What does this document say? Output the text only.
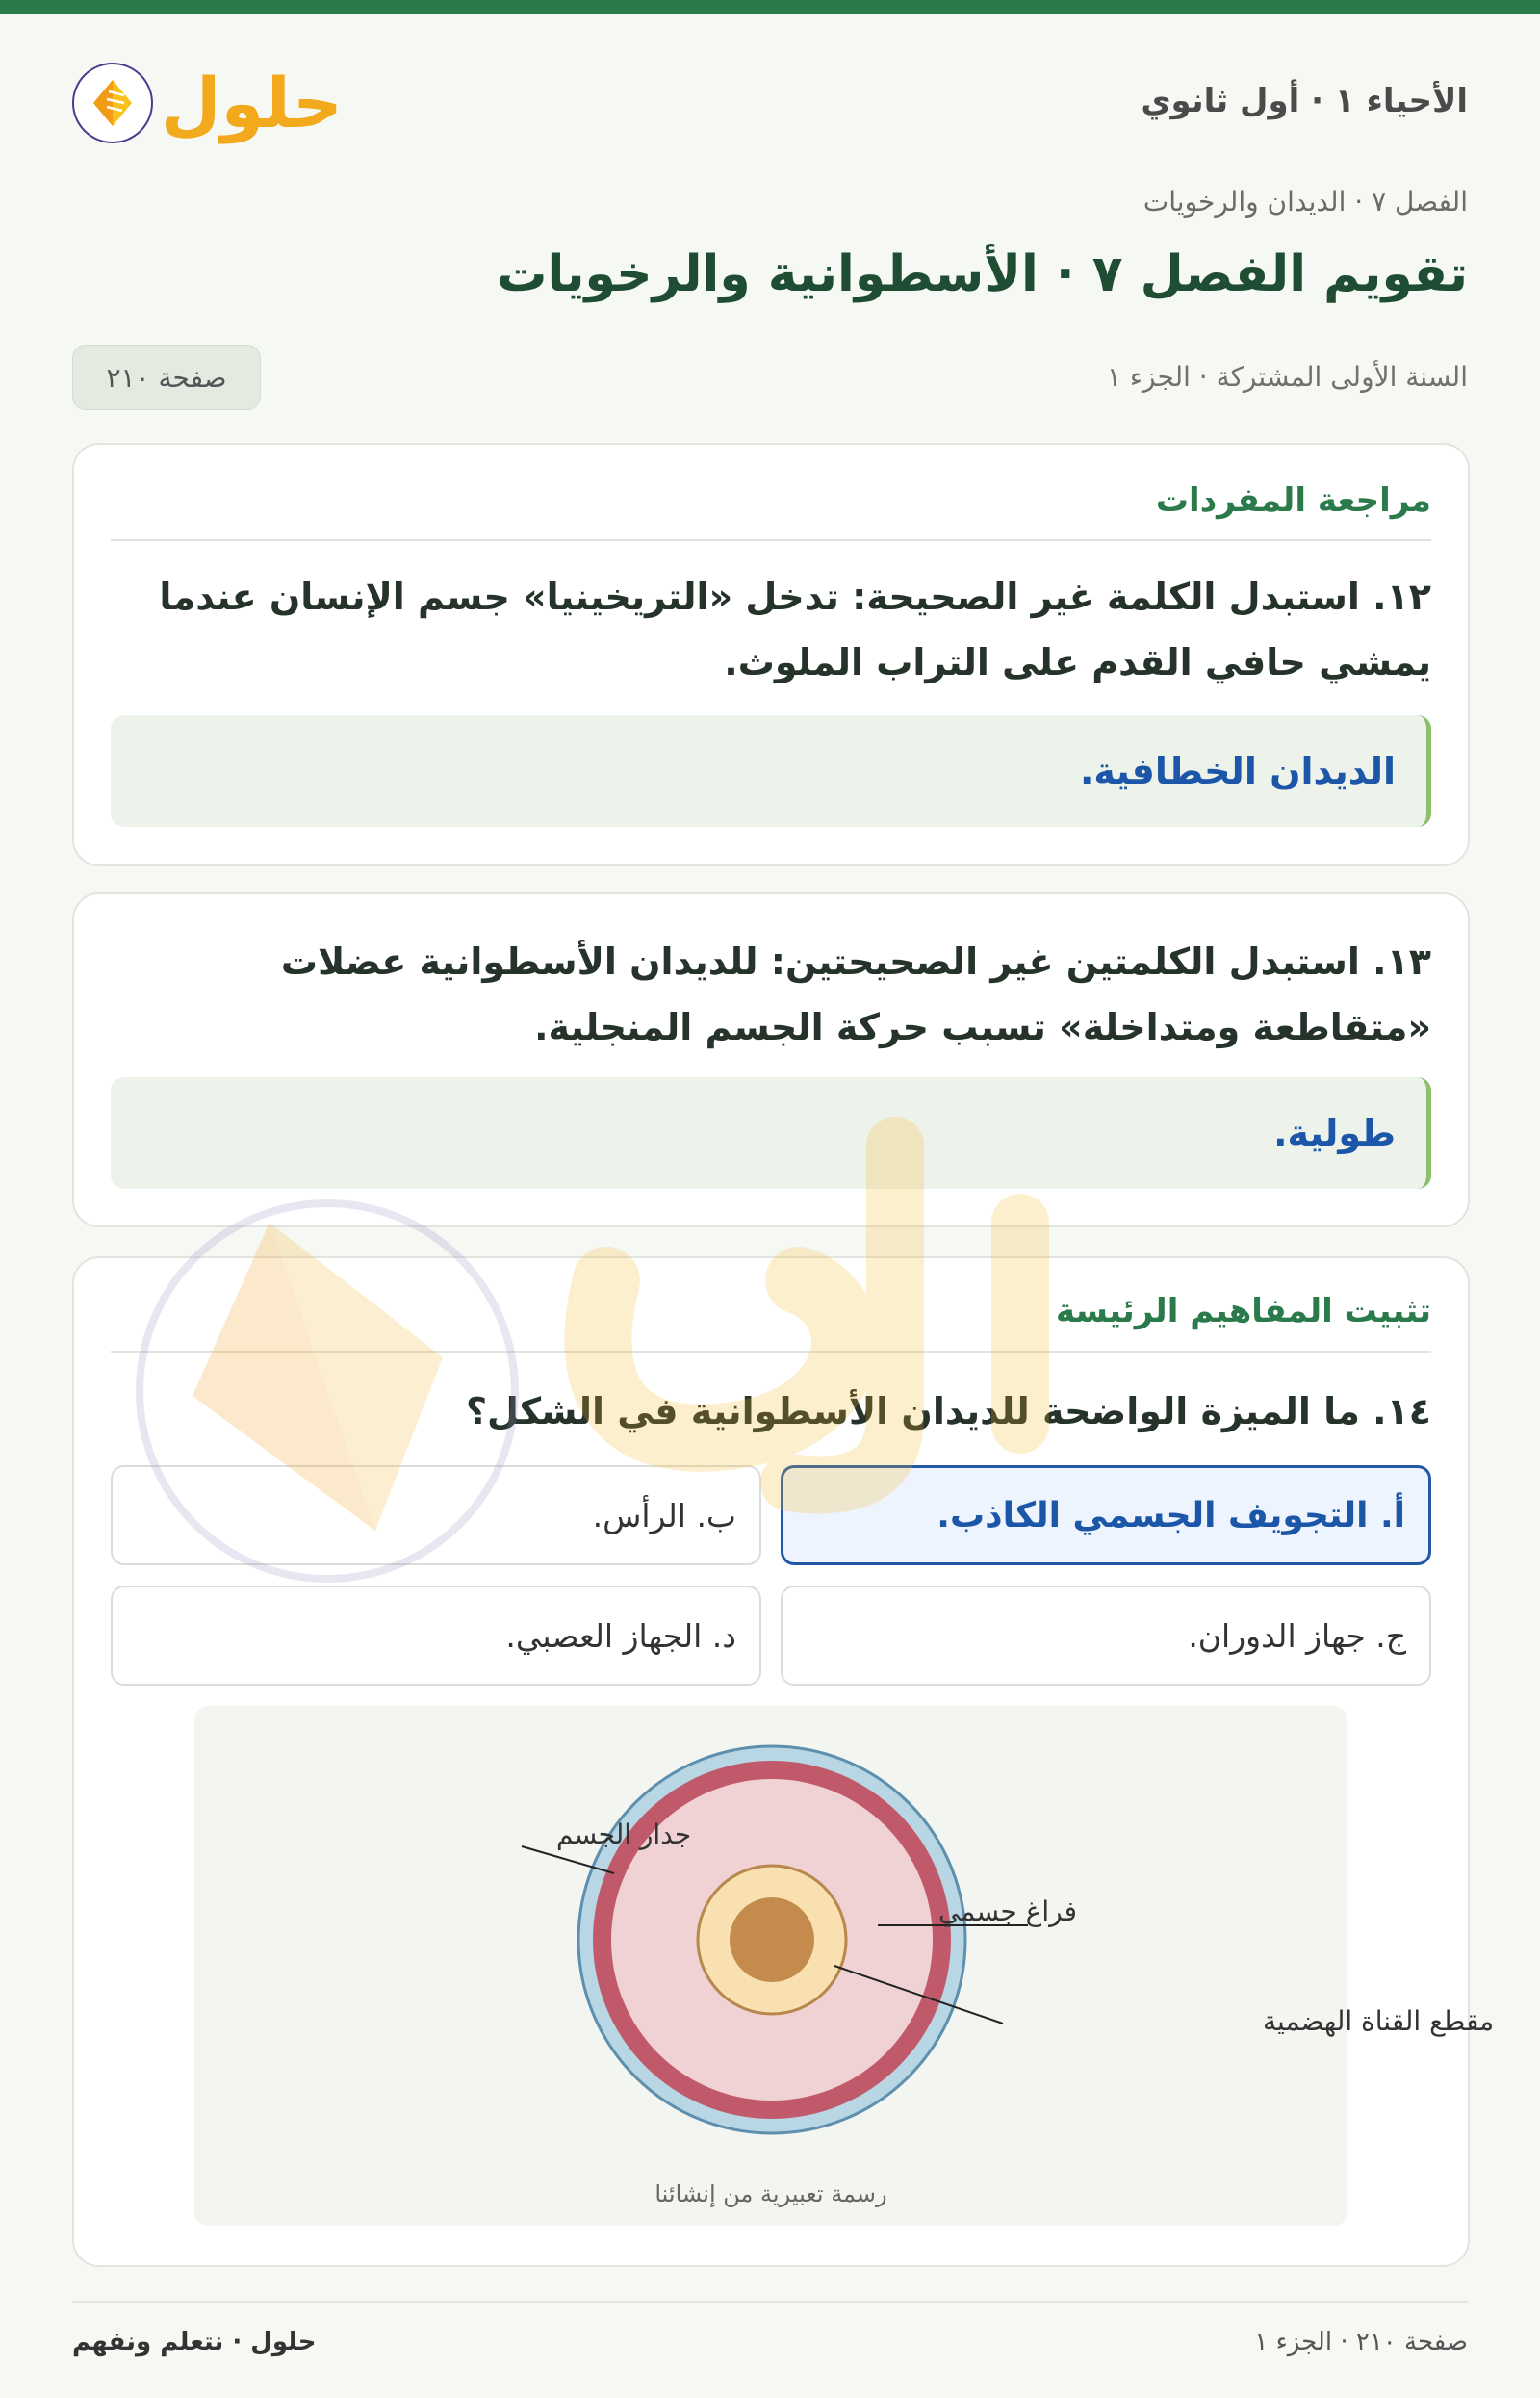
حلول	الأحياء ١ · أول ثانوي
الفصل ٧ · الديدان والرخويات
تقويم الفصل ٧ · الأسطوانية والرخويات
السنة الأولى المشتركة · الجزء ١
صفحة ٢١٠
مراجعة المفردات
١٢. استبدل الكلمة غير الصحيحة: تدخل «التريخينيا» جسم الإنسان عندما يمشي حافي القدم على التراب الملوث.
الديدان الخطافية.
١٣. استبدل الكلمتين غير الصحيحتين: للديدان الأسطوانية عضلات «متقاطعة ومتداخلة» تسبب حركة الجسم المنجلية.
طولية.
تثبيت المفاهيم الرئيسة
١٤. ما الميزة الواضحة للديدان الأسطوانية في الشكل؟
أ. التجويف الجسمي الكاذب.
ب. الرأس.
ج. جهاز الدوران.
د. الجهاز العصبي.
جدار الجسم
فراغ جسمي
مقطع القناة الهضمية
رسمة تعبيرية من إنشائنا
صفحة ٢١٠ · الجزء ١
حلول · نتعلم ونفهم
